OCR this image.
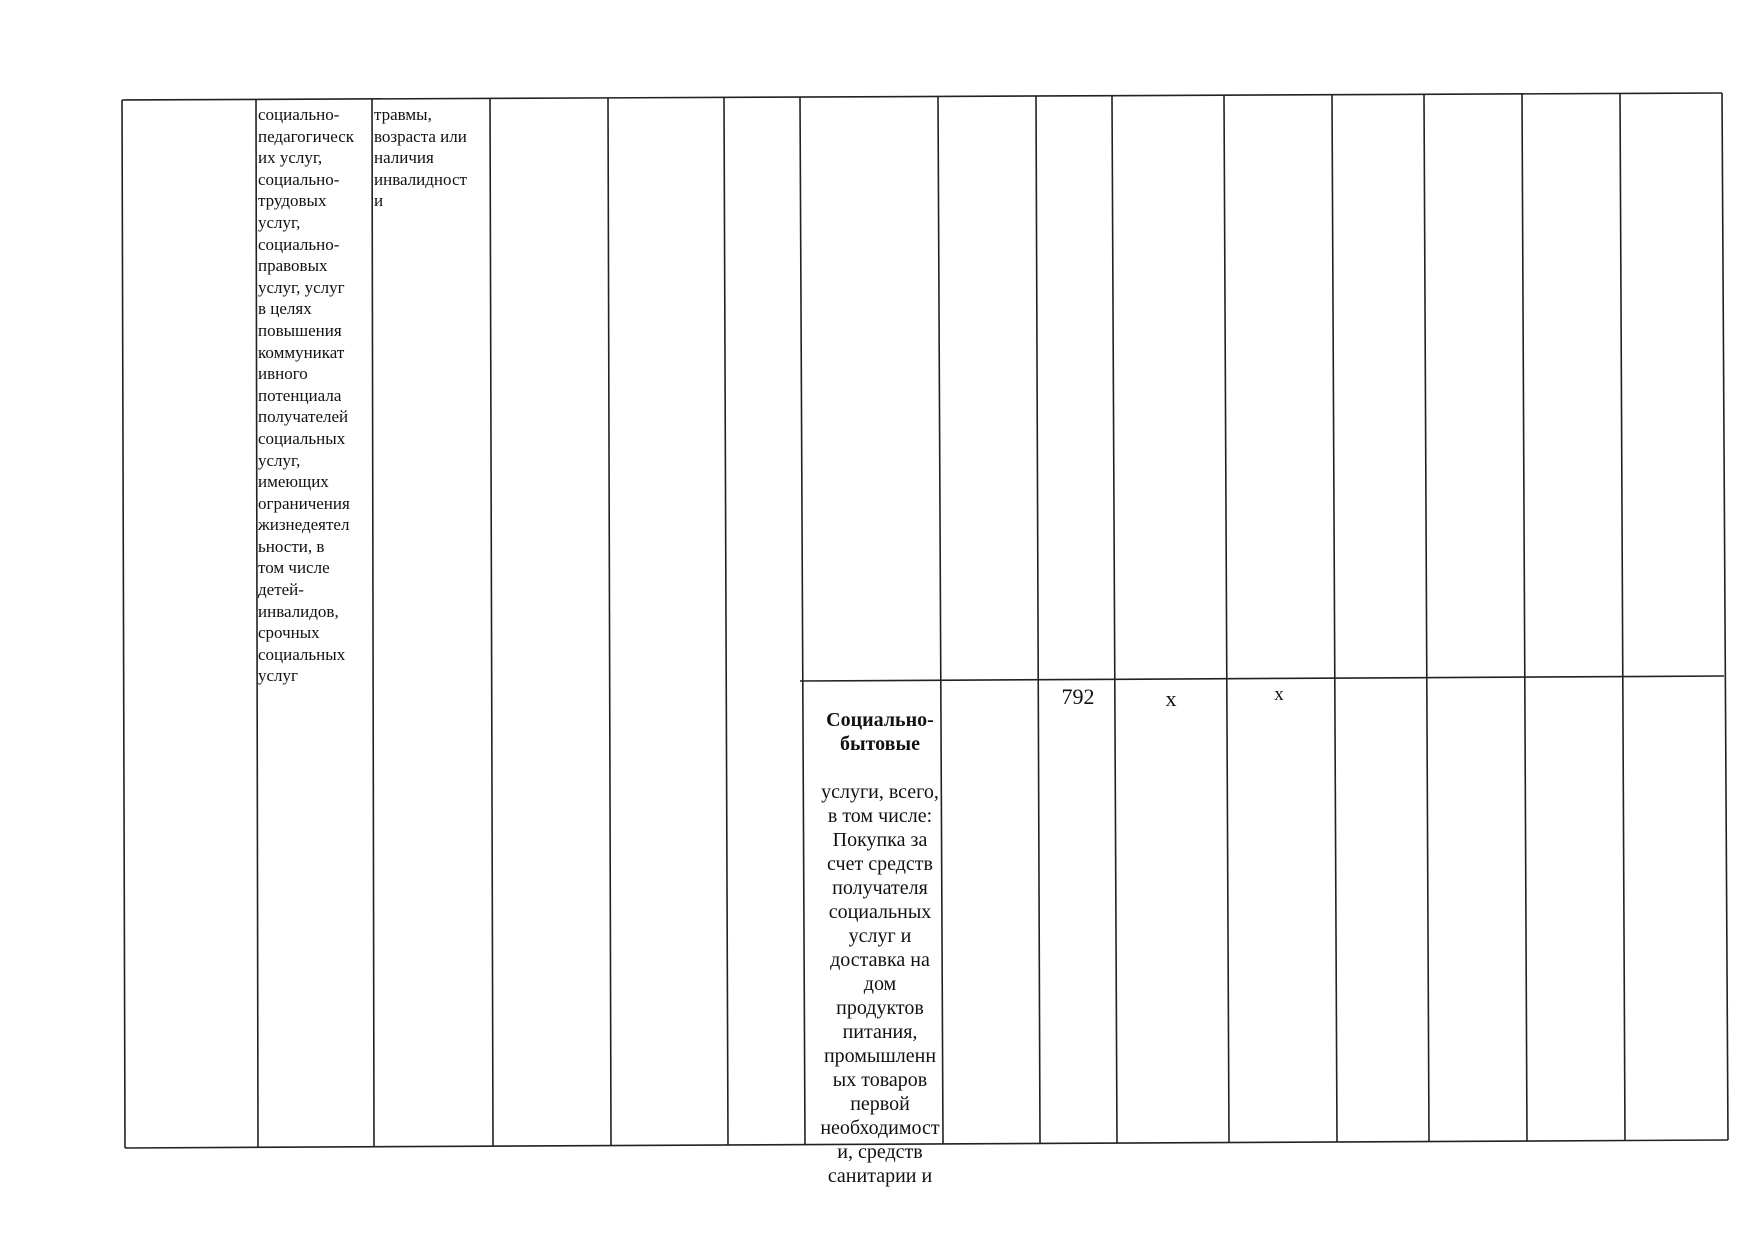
социально-
педагогическ
их услуг,
социально-
трудовых
услуг,
социально-
правовых
услуг, услуг
в целях
повышения
коммуникат
ивного
потенциала
получателей
социальных
услуг,
имеющих
ограничения
жизнедеятел
ьности, в
том числе
детей-
инвалидов,
срочных
социальных
услуг
травмы,
возраста или
наличия
инвалидност
и

Социально-
бытовые

услуги, всего,
в том числе:
Покупка за
счет средств
получателя
социальных
услуг и
доставка на
дом
продуктов
питания,
промышленн
ых товаров
первой
необходимост
и, средств
санитарии и

792	x	x
